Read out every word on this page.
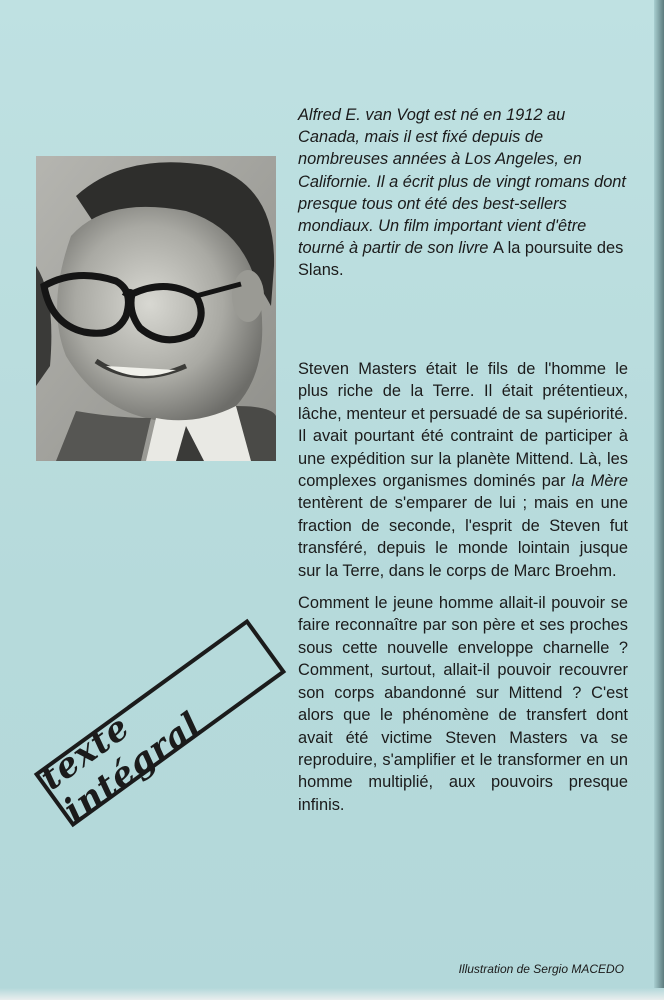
Alfred E. van Vogt est né en 1912 au Canada, mais il est fixé depuis de nombreuses années à Los Angeles, en Californie. Il a écrit plus de vingt romans dont presque tous ont été des best-sellers mondiaux. Un film important vient d'être tourné à partir de son livre A la poursuite des Slans.

Steven Masters était le fils de l'homme le plus riche de la Terre. Il était prétentieux, lâche, menteur et persuadé de sa supériorité. Il avait pourtant été contraint de participer à une expédition sur la planète Mittend. Là, les complexes organismes dominés par la Mère tentèrent de s'emparer de lui ; mais en une fraction de seconde, l'esprit de Steven fut transféré, depuis le monde lointain jusque sur la Terre, dans le corps de Marc Broehm.

Comment le jeune homme allait-il pouvoir se faire reconnaître par son père et ses proches sous cette nouvelle enveloppe charnelle ? Comment, surtout, allait-il pouvoir recouvrer son corps abandonné sur Mittend ? C'est alors que le phénomène de transfert dont avait été victime Steven Masters va se reproduire, s'amplifier et le transformer en un homme multiplié, aux pouvoirs presque infinis.

texte intégral
Illustration de Sergio MACEDO
